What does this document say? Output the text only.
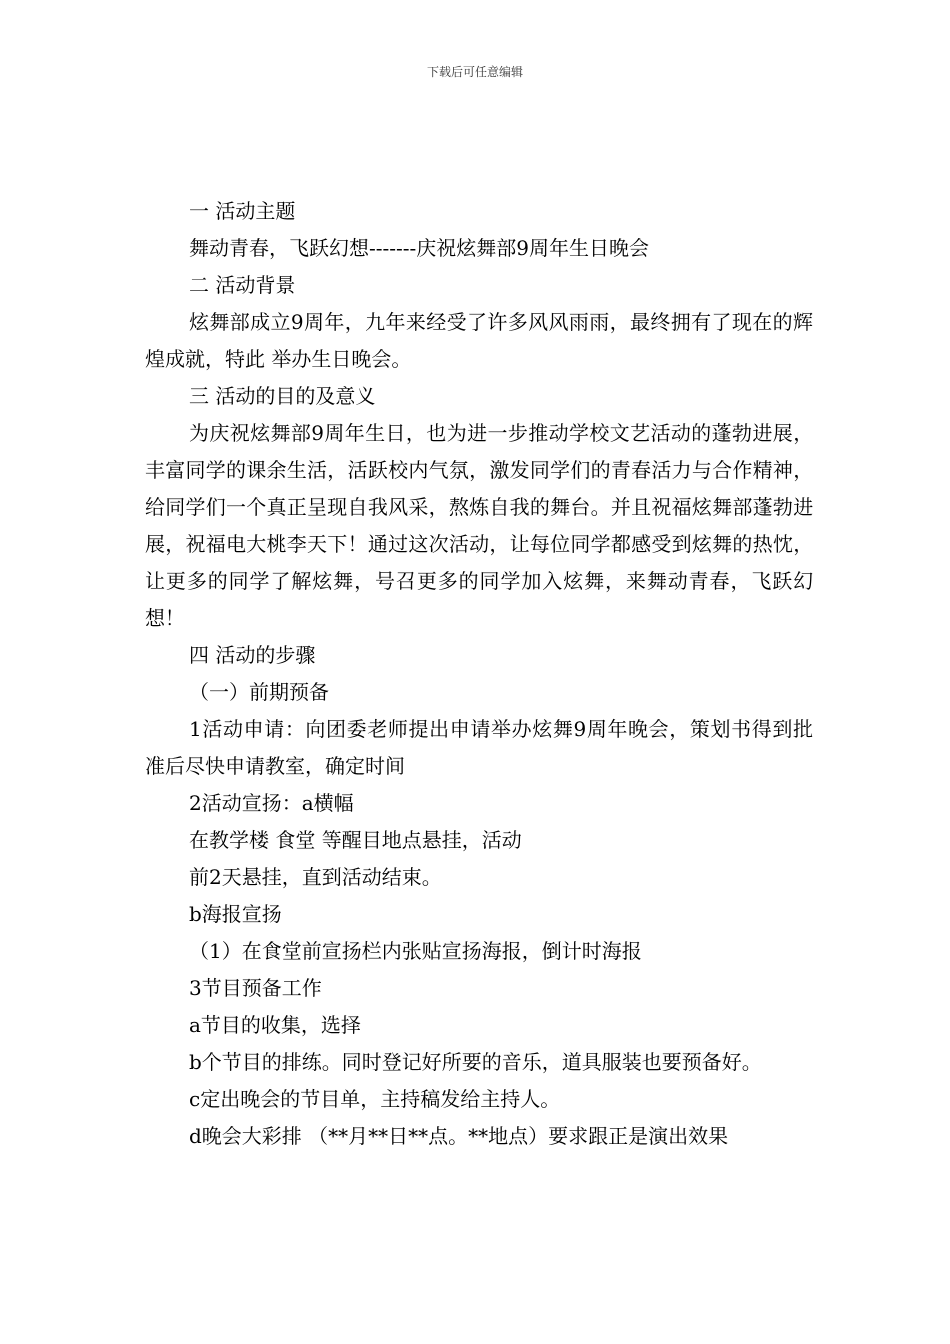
下载后可任意编辑

一 活动主题

舞动青春，飞跃幻想-------庆祝炫舞部9周年生日晚会

二 活动背景

炫舞部成立9周年，九年来经受了许多风风雨雨，最终拥有了现在的辉煌成就，特此 举办生日晚会。

三 活动的目的及意义

为庆祝炫舞部9周年生日，也为进一步推动学校文艺活动的蓬勃进展，丰富同学的课余生活，活跃校内气氛，激发同学们的青春活力与合作精神，给同学们一个真正呈现自我风采，熬炼自我的舞台。并且祝福炫舞部蓬勃进展，祝福电大桃李天下！通过这次活动，让每位同学都感受到炫舞的热忱，让更多的同学了解炫舞，号召更多的同学加入炫舞，来舞动青春，飞跃幻想！

四 活动的步骤

（一）前期预备

1活动申请：向团委老师提出申请举办炫舞9周年晚会，策划书得到批准后尽快申请教室，确定时间

2活动宣扬：a横幅

在教学楼 食堂 等醒目地点悬挂，活动

前2天悬挂，直到活动结束。

b海报宣扬

（1）在食堂前宣扬栏内张贴宣扬海报，倒计时海报

3节目预备工作

a节目的收集，选择

b个节目的排练。同时登记好所要的音乐，道具服装也要预备好。

c定出晚会的节目单，主持稿发给主持人。

d晚会大彩排 （**月**日**点。**地点）要求跟正是演出效果
